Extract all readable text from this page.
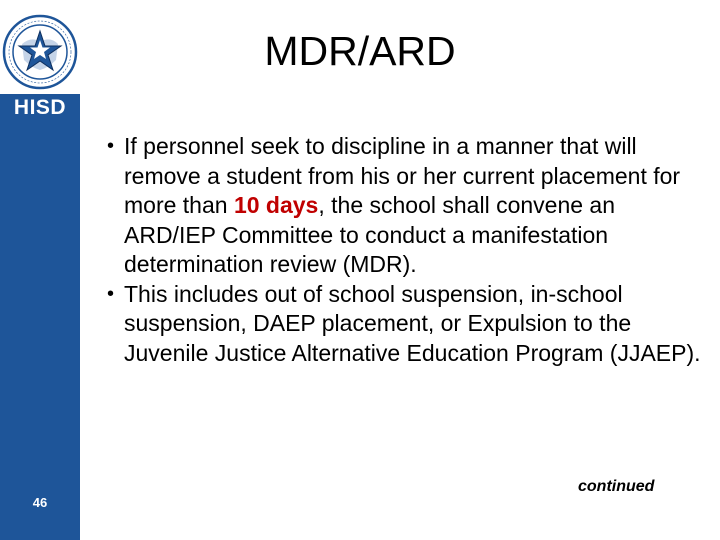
HISD
46
MDR/ARD
• If personnel seek to discipline in a manner that will remove a student from his or her current placement for more than 10 days, the school shall convene an ARD/IEP Committee to conduct a manifestation determination review (MDR).
• This includes out of school suspension, in-school suspension, DAEP placement, or Expulsion to the Juvenile Justice Alternative Education Program (JJAEP).
continued
